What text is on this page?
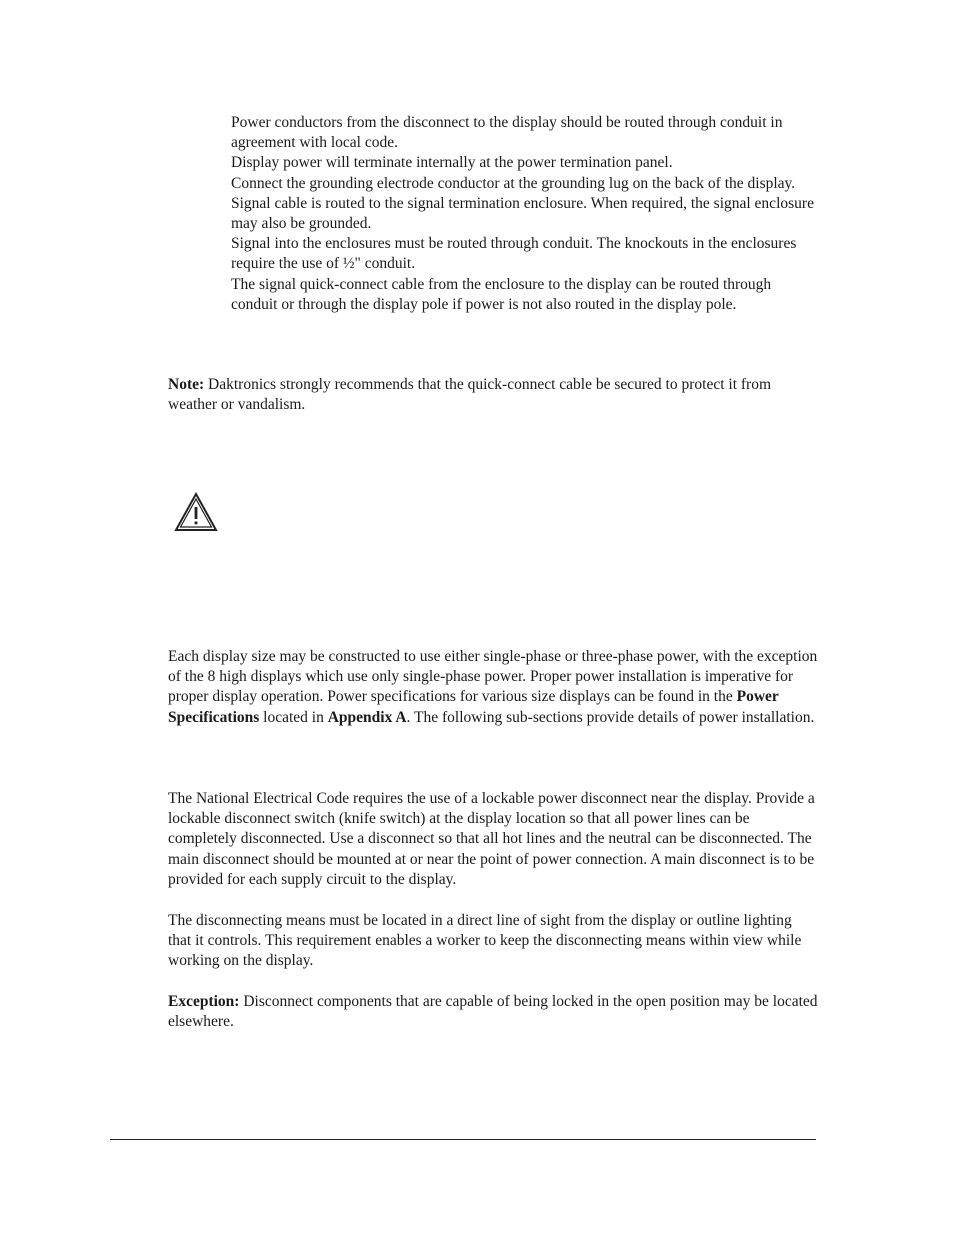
Power conductors from the disconnect to the display should be routed through conduit in agreement with local code.

Display power will terminate internally at the power termination panel.

Connect the grounding electrode conductor at the grounding lug on the back of the display.

Signal cable is routed to the signal termination enclosure. When required, the signal enclosure may also be grounded.

Signal into the enclosures must be routed through conduit. The knockouts in the enclosures require the use of ½" conduit.

The signal quick-connect cable from the enclosure to the display can be routed through conduit or through the display pole if power is not also routed in the display pole.

Note: Daktronics strongly recommends that the quick-connect cable be secured to protect it from weather or vandalism.

Each display size may be constructed to use either single-phase or three-phase power, with the exception of the 8 high displays which use only single-phase power. Proper power installation is imperative for proper display operation. Power specifications for various size displays can be found in the Power Specifications located in Appendix A. The following sub-sections provide details of power installation.

The National Electrical Code requires the use of a lockable power disconnect near the display. Provide a lockable disconnect switch (knife switch) at the display location so that all power lines can be completely disconnected. Use a disconnect so that all hot lines and the neutral can be disconnected. The main disconnect should be mounted at or near the point of power connection. A main disconnect is to be provided for each supply circuit to the display.

The disconnecting means must be located in a direct line of sight from the display or outline lighting that it controls. This requirement enables a worker to keep the disconnecting means within view while working on the display.

Exception: Disconnect components that are capable of being locked in the open position may be located elsewhere.
